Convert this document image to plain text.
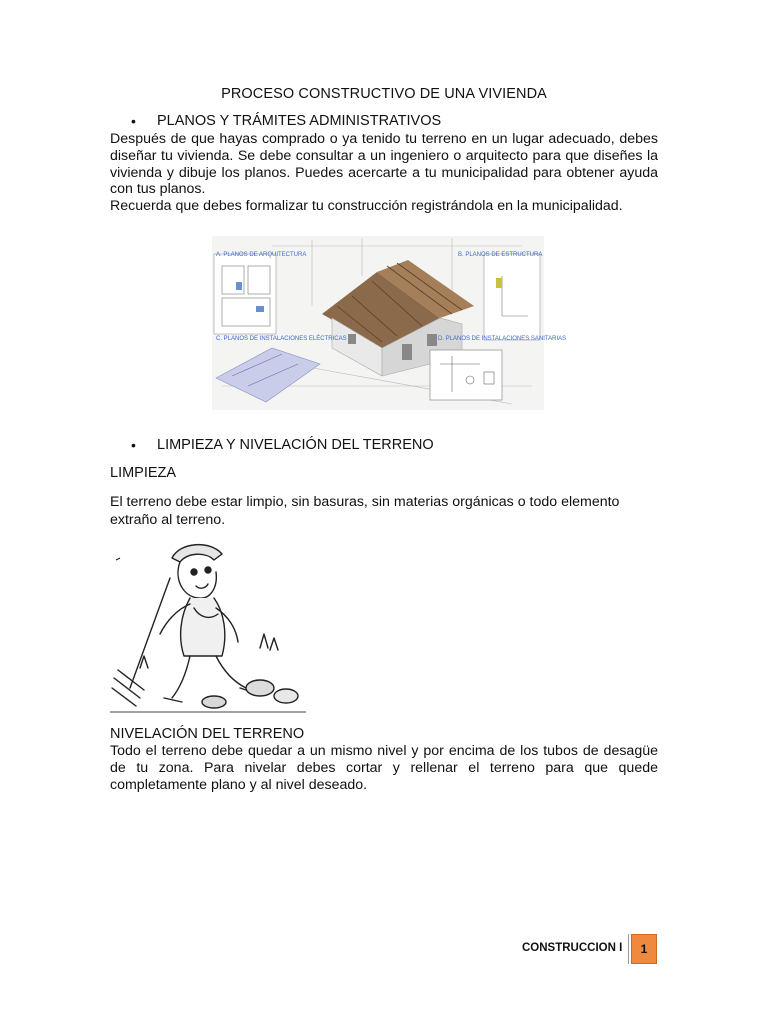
PROCESO CONSTRUCTIVO DE UNA VIVIENDA
•	PLANOS Y TRÁMITES ADMINISTRATIVOS

Después de que hayas comprado o ya tenido tu terreno en un lugar adecuado, debes diseñar tu vivienda. Se debe consultar a un ingeniero o arquitecto para que diseñes la vivienda y dibuje los planos. Puedes acercarte a tu municipalidad para obtener ayuda con tus planos.

Recuerda que debes formalizar tu construcción registrándola en la municipalidad.

A. PLANOS DE ARQUITECTURA	B. PLANOS DE ESTRUCTURA
C. PLANOS DE INSTALACIONES ELÉCTRICAS	D. PLANOS DE INSTALACIONES SANITARIAS
•	LIMPIEZA Y NIVELACIÓN DEL TERRENO
LIMPIEZA

El terreno debe estar limpio, sin basuras, sin materias orgánicas o todo elemento extraño al terreno.

NIVELACIÓN DEL TERRENO

Todo el terreno debe quedar a un mismo nivel y por encima de los tubos de desagüe de tu zona. Para nivelar debes cortar y rellenar el terreno para que quede completamente plano y al nivel deseado.

CONSTRUCCION I	1
